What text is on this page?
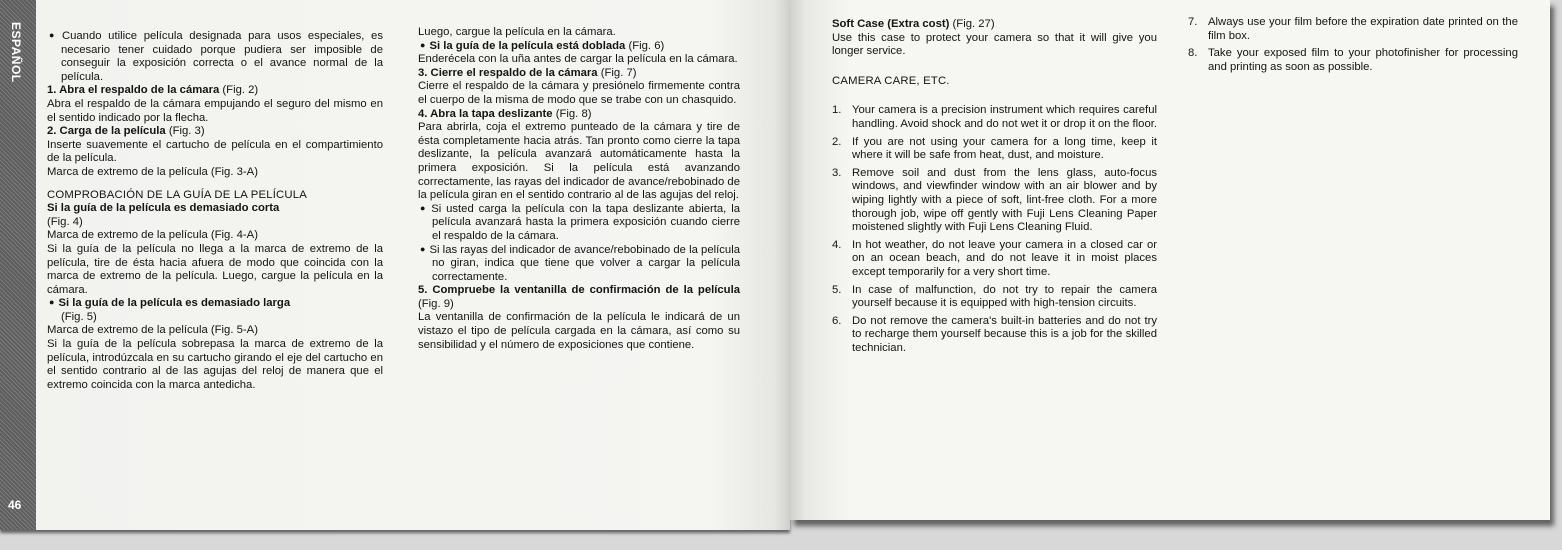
ESPAÑOL
46

● Cuando utilice película designada para usos especiales, es necesario tener cuidado porque pudiera ser imposible de conseguir la exposición correcta o el avance normal de la película.

1. Abra el respaldo de la cámara (Fig. 2)

Abra el respaldo de la cámara empujando el seguro del mismo en el sentido indicado por la flecha.

2. Carga de la película (Fig. 3)

Inserte suavemente el cartucho de película en el compartimiento de la película.

Marca de extremo de la película (Fig. 3-A)

COMPROBACIÓN DE LA GUÍA DE LA PELÍCULA

Si la guía de la película es demasiado corta

(Fig. 4)

Marca de extremo de la película (Fig. 4-A)

Si la guía de la película no llega a la marca de extremo de la película, tire de ésta hacia afuera de modo que coincida con la marca de extremo de la película. Luego, cargue la película en la cámara.

● Si la guía de la película es demasiado larga

(Fig. 5)

Marca de extremo de la película (Fig. 5-A)

Si la guía de la película sobrepasa la marca de extremo de la película, introdúzcala en su cartucho girando el eje del cartucho en el sentido contrario al de las agujas del reloj de manera que el extremo coincida con la marca antedicha.

Luego, cargue la película en la cámara.

● Si la guía de la película está doblada (Fig. 6)

Enderécela con la uña antes de cargar la película en la cámara.

3. Cierre el respaldo de la cámara (Fig. 7)

Cierre el respaldo de la cámara y presiónelo firmemente contra el cuerpo de la misma de modo que se trabe con un chasquido.

4. Abra la tapa deslizante (Fig. 8)

Para abrirla, coja el extremo punteado de la cámara y tire de ésta completamente hacia atrás. Tan pronto como cierre la tapa deslizante, la película avanzará automáticamente hasta la primera exposición. Si la película está avanzando correctamente, las rayas del indicador de avance/rebobinado de la película giran en el sentido contrario al de las agujas del reloj.

● Si usted carga la película con la tapa deslizante abierta, la película avanzará hasta la primera exposición cuando cierre el respaldo de la cámara.

● Si las rayas del indicador de avance/rebobinado de la película no giran, indica que tiene que volver a cargar la película correctamente.

5. Compruebe la ventanilla de confirmación de la película (Fig. 9)

La ventanilla de confirmación de la película le indicará de un vistazo el tipo de película cargada en la cámara, así como su sensibilidad y el número de exposiciones que contiene.

Soft Case (Extra cost) (Fig. 27)

Use this case to protect your camera so that it will give you longer service.

CAMERA CARE, ETC.

1. Your camera is a precision instrument which requires careful handling. Avoid shock and do not wet it or drop it on the floor.
2. If you are not using your camera for a long time, keep it where it will be safe from heat, dust, and moisture.
3. Remove soil and dust from the lens glass, auto-focus windows, and viewfinder window with an air blower and by wiping lightly with a piece of soft, lint-free cloth. For a more thorough job, wipe off gently with Fuji Lens Cleaning Paper moistened slightly with Fuji Lens Cleaning Fluid.
4. In hot weather, do not leave your camera in a closed car or on an ocean beach, and do not leave it in moist places except temporarily for a very short time.
5. In case of malfunction, do not try to repair the camera yourself because it is equipped with high-tension circuits.
6. Do not remove the camera's built-in batteries and do not try to recharge them yourself because this is a job for the skilled technician.
7. Always use your film before the expiration date printed on the film box.
8. Take your exposed film to your photofinisher for processing and printing as soon as possible.
